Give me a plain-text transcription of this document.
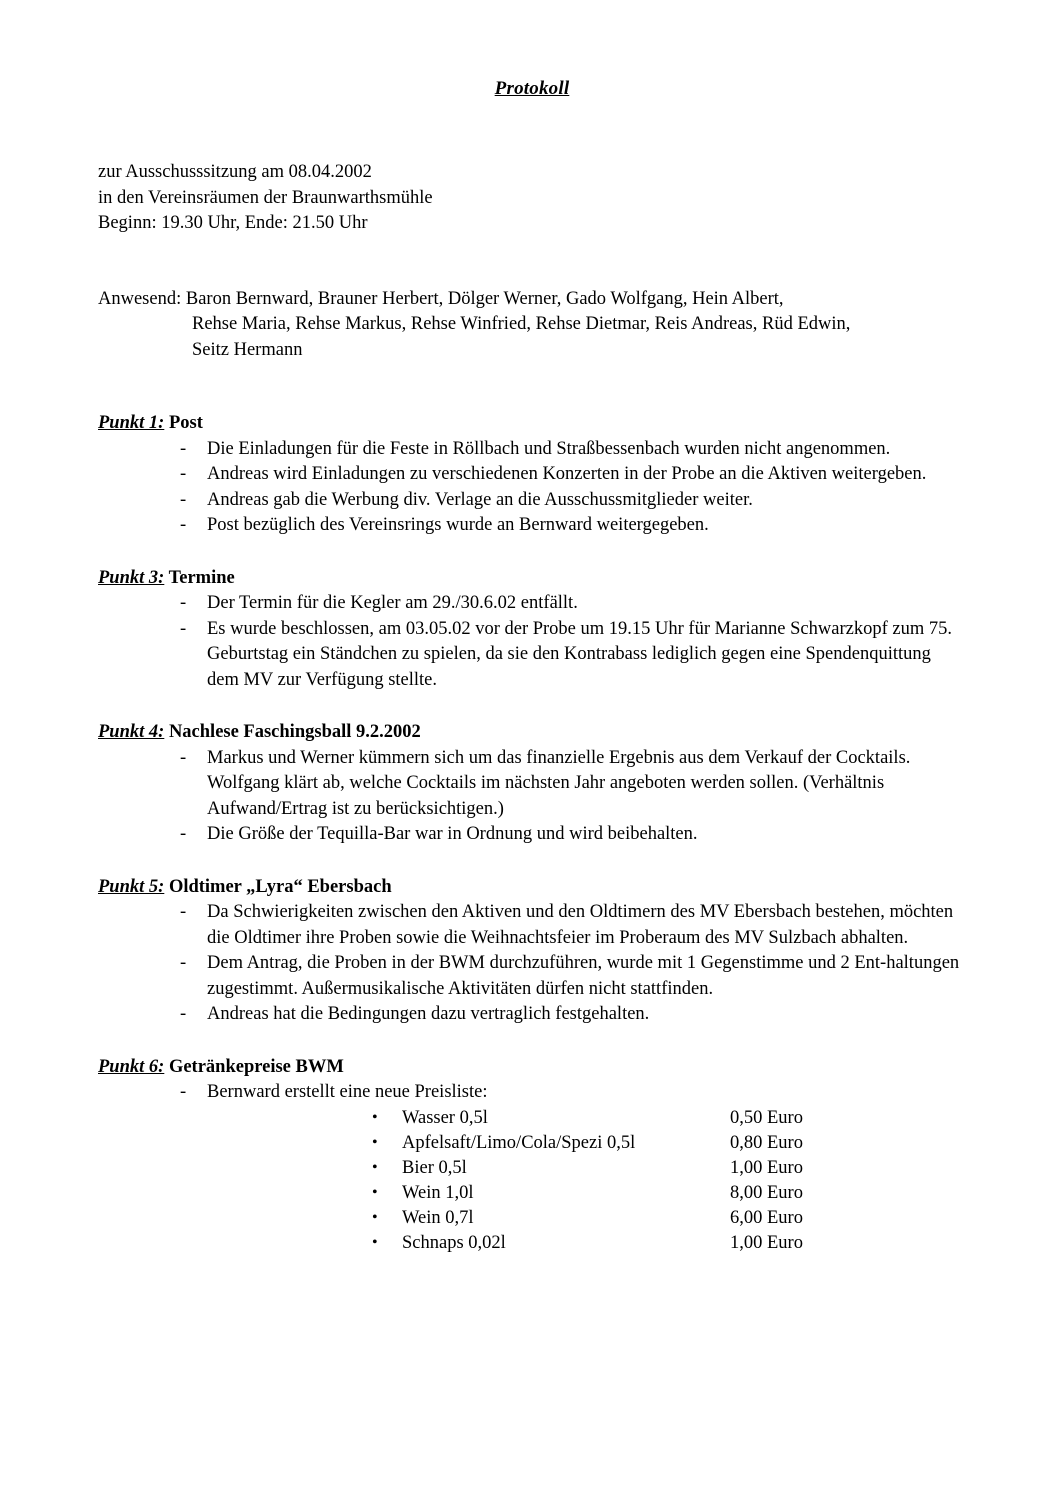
Protokoll
zur Ausschusssitzung am 08.04.2002
in den Vereinsräumen der Braunwarthsmühle
Beginn: 19.30 Uhr, Ende: 21.50 Uhr
Anwesend: Baron Bernward, Brauner Herbert, Dölger Werner, Gado Wolfgang, Hein Albert,
Rehse Maria, Rehse Markus, Rehse Winfried, Rehse Dietmar, Reis Andreas, Rüd Edwin,
Seitz Hermann
Punkt 1: Post
- Die Einladungen für die Feste in Röllbach und Straßbessenbach wurden nicht angenommen.
- Andreas wird Einladungen zu verschiedenen Konzerten in der Probe an die Aktiven weitergeben.
- Andreas gab die Werbung div. Verlage an die Ausschussmitglieder weiter.
- Post bezüglich des Vereinsrings wurde an Bernward weitergegeben.
Punkt 3: Termine
- Der Termin für die Kegler am 29./30.6.02 entfällt.
- Es wurde beschlossen, am 03.05.02 vor der Probe um 19.15 Uhr für Marianne Schwarzkopf zum 75. Geburtstag ein Ständchen zu spielen, da sie den Kontrabass lediglich gegen eine Spendenquittung dem MV zur Verfügung stellte.
Punkt 4: Nachlese Faschingsball 9.2.2002
- Markus und Werner kümmern sich um das finanzielle Ergebnis aus dem Verkauf der Cocktails. Wolfgang klärt ab, welche Cocktails im nächsten Jahr angeboten werden sollen. (Verhältnis Aufwand/Ertrag ist zu berücksichtigen.)
- Die Größe der Tequilla-Bar war in Ordnung und wird beibehalten.
Punkt 5: Oldtimer „Lyra“ Ebersbach
- Da Schwierigkeiten zwischen den Aktiven und den Oldtimern des MV Ebersbach bestehen, möchten die Oldtimer ihre Proben sowie die Weihnachtsfeier im Proberaum des MV Sulzbach abhalten.
- Dem Antrag, die Proben in der BWM durchzuführen, wurde mit 1 Gegenstimme und 2 Ent-haltungen zugestimmt. Außermusikalische Aktivitäten dürfen nicht stattfinden.
- Andreas hat die Bedingungen dazu vertraglich festgehalten.
Punkt 6: Getränkepreise BWM
- Bernward erstellt eine neue Preisliste:
• Wasser 0,5l	0,50 Euro
• Apfelsaft/Limo/Cola/Spezi 0,5l	0,80 Euro
• Bier 0,5l	1,00 Euro
• Wein 1,0l	8,00 Euro
• Wein 0,7l	6,00 Euro
• Schnaps 0,02l	1,00 Euro
